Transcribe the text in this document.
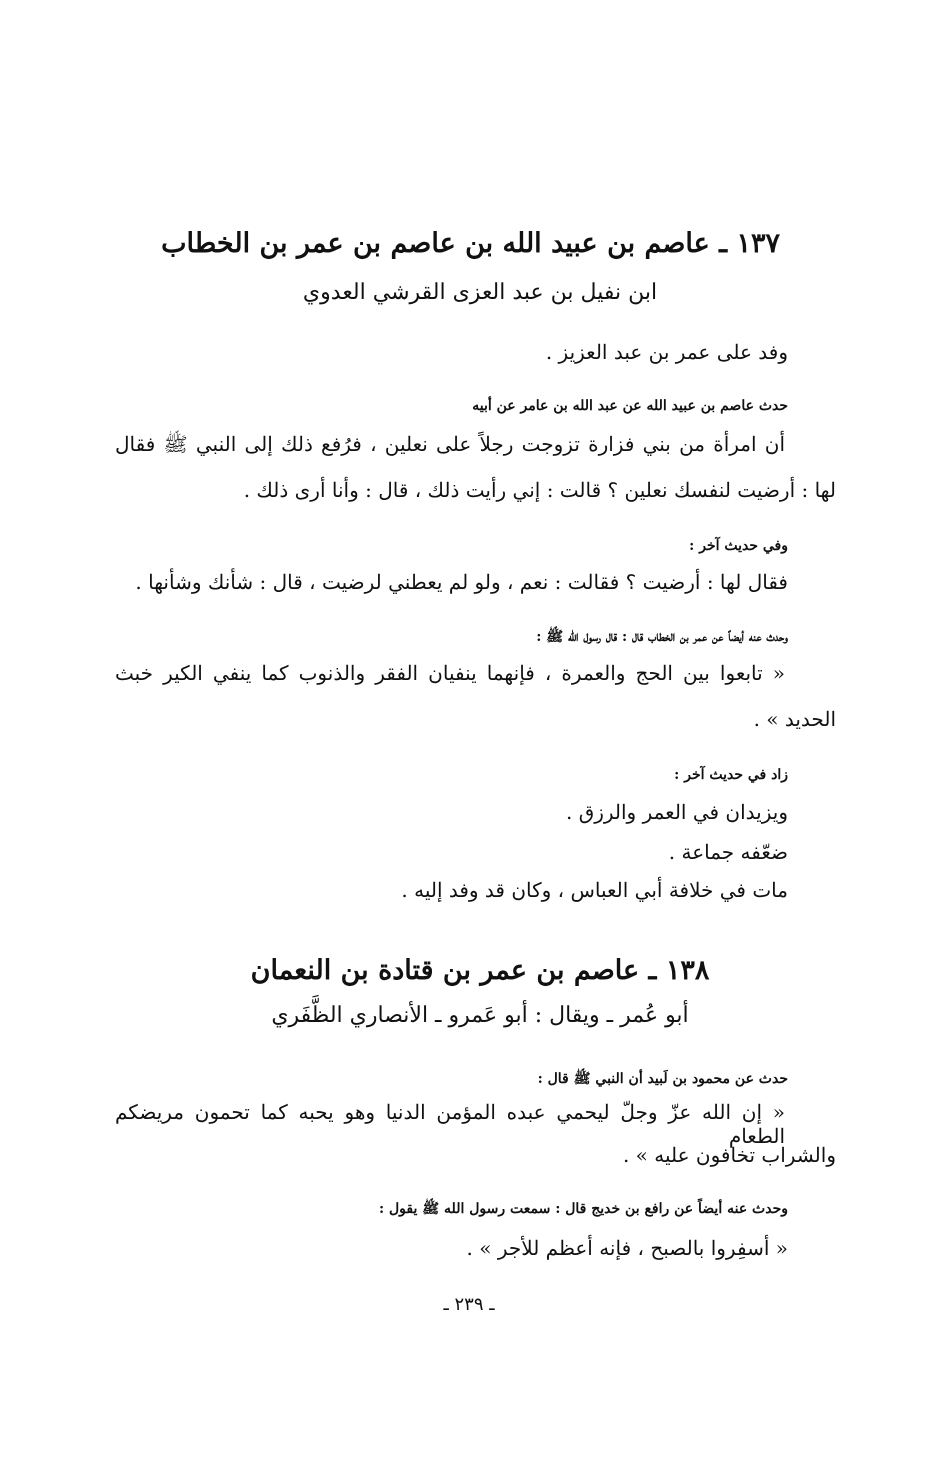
١٣٧ ـ عاصم بن عبيد الله بن عاصم بن عمر بن الخطاب
ابن نفيل بن عبد العزى القرشي العدوي
وفد على عمر بن عبد العزيز .
حدث عاصم بن عبيد الله عن عبد الله بن عامر عن أبيه
أن امرأة من بني فزارة تزوجت رجلاً على نعلين ، فرُفع ذلك إلى النبي ﷺ فقال
لها : أرضيت لنفسك نعلين ؟ قالت : إني رأيت ذلك ، قال : وأنا أرى ذلك .
وفي حديث آخر :
فقال لها : أرضيت ؟ فقالت : نعم ، ولو لم يعطني لرضيت ، قال : شأنك وشأنها .
وحدث عنه أيضاً عن عمر بن الخطاب قال : قال رسول الله ﷺ :
« تابعوا بين الحج والعمرة ، فإنهما ينفيان الفقر والذنوب كما ينفي الكير خبث
الحديد » .
زاد في حديث آخر :
ويزيدان في العمر والرزق .
ضعّفه جماعة .
مات في خلافة أبي العباس ، وكان قد وفد إليه .
١٣٨ ـ عاصم بن عمر بن قتادة بن النعمان
أبو عُمر ـ ويقال : أبو عَمرو ـ الأنصاري الظَّفَري
حدث عن محمود بن لَبيد أن النبي ﷺ قال :
« إن الله عزّ وجلّ ليحمي عبده المؤمن الدنيا وهو يحبه كما تحمون مريضكم الطعام
والشراب تخافون عليه » .
وحدث عنه أيضاً عن رافع بن خديج قال : سمعت رسول الله ﷺ يقول :
« أسفِروا بالصبح ، فإنه أعظم للأجر » .
ـ ٢٣٩ ـ
